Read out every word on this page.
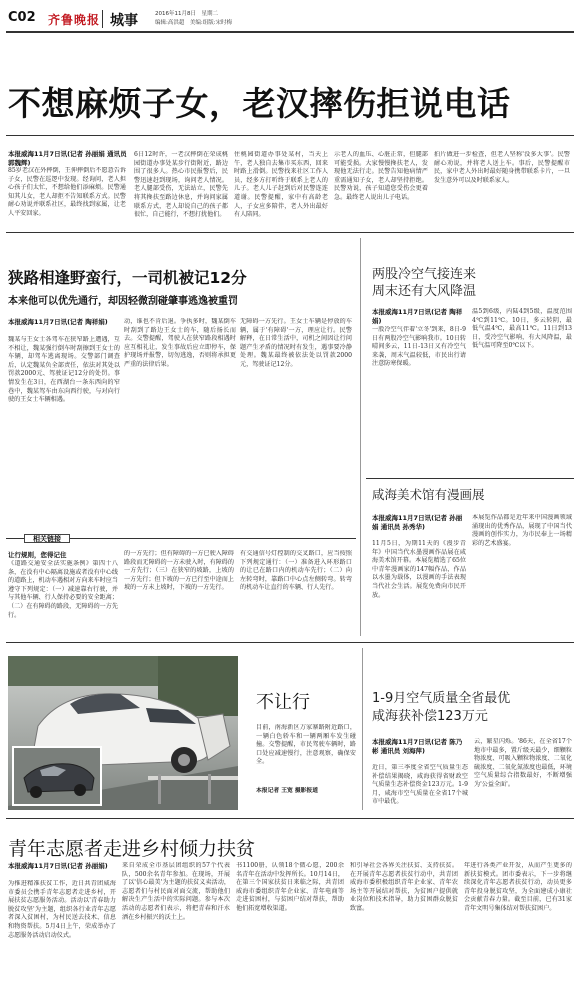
C02 齐鲁晚报 城事	2016年11月8日　星期二
编辑:高洪超　美编:组版:宋时梅
不想麻烦子女，老汉摔伤拒说电话
本报威海11月7日讯(记者 孙丽娟 通讯员 郭魏辉)
85岁老汉在外摔倒，王伸摔倒后不愿意告诉子女，民警在巡逻中发现。经询问，老人担心孩子们太忙，不想给他们添麻烦。民警通知其儿女，老人却拒不告知联系方式。民警耐心劝说并联系社区，最终找到家属，让老人平安回家。
6日12时许，一老汉摔倒在荣成桃园街道办事处某步行街附近，路边围了很多人。热心市民报警后，民警迅速赶到现场，询问老人情况。老人腿部受伤，无法站立，民警先将其搀扶至路边休息，并询问家属联系方式，老人却说自己的孩子都很忙，自己能行，不想打扰他们。
住桃园街道办事处某村，当天上午，老人独自去集市买东西，回来时路上滑倒。民警找来社区工作人员，经多方打听终于联系上老人的儿子。老人儿子赶到后对民警连连道谢。民警提醒，家中有高龄老人，子女应多陪伴，老人外出最好有人陪同。
示老人的血压、心脏正常，但腿部可能受损。大家慢慢搀扶老人，发现他无法行走。民警告知他病情严重需通知子女，老人却坚持拒绝。民警劝说，孩子知道您受伤会更着急。最终老人说出儿子电话。
拍片做进一步检查，但老人坚称'没多大事'。民警耐心劝说，并将老人送上车。事后，民警提醒市民，家中老人外出时最好随身携带联系卡片，一旦发生意外可以及时联系家人。
狭路相逢野蛮行，一司机被记12分
本来他可以优先通行，却因轻微刮碰肇事逃逸被重罚
本报威海11月7日讯(记者 陶祥娟)
魏某与王女士各驾车在狭窄路上遭遇，互不相让，魏某强行倒车时刮擦到王女士的车辆，却驾车逃离现场。交警部门调查后，认定魏某负全部责任，依法对其处以罚款2000元、驾驶证记12分的处罚。事情发生在3日，在西湖台一条东西向的窄巷中，魏某驾车由东向西行驶，与对向行驶的王女士车辆相遇。
动，谁也不肯后退。争执多时，魏某倒车时刮到了路边王女士的车，随后扬长而去。交警提醒，驾驶人在狭窄路段相遇时应互相礼让，发生事故后应立即停车，保护现场并报警，切勿逃逸，否则将承担更严重的法律后果。
无障碍一方先行。王女士车辆是停放的车辆，属于'有障碍'一方，理应让行。民警解释，在日常生活中，司机之间因让行问题产生矛盾的情况时有发生，遇事要冷静处理。魏某最终被依法处以罚款2000元，驾驶证记12分。
两股冷空气接连来
周末还有大风降温
本报威海11月7日讯(记者 陶祥娟)
一股冷空气伴着'立冬'到来，8日-9日有两股冷空气影响我市。10日转晴间多云，11日-13日又有冷空气来袭，周末气温较低，市民出行请注意防寒保暖。
温5到6级，内陆4到5级，温度范围4℃到11℃。10日，多云转阴，最低气温4℃，最高11℃。11日到13日，受冷空气影响，有大风降温，最低气温可降至0℃以下。
咸海美术馆有漫画展
本报威海11月7日讯(记者 孙丽娟 通讯员 孙秀华)
11月5日，为期11天的《漫步青年》中国当代水墨漫画作品展在咸海美术馆开幕。本展览精选了65位中青年漫画家的147幅作品，作品以水墨为载体，以漫画的手法表现当代社会生活。展览免费向市民开放。
本展览作品都是近年来中国漫画领域涌现出的优秀作品，展现了中国当代漫画的创作实力，为市民奉上一场精彩的艺术盛宴。
相关链接
让行规则，您得记住
《道路交通安全法实施条例》第四十八条，在没有中心隔离设施或者没有中心线的道路上，机动车遇相对方向来车时应当遵守下列规定：（一）减速靠右行驶，并与其他车辆、行人保持必要的安全距离；（二）在有障碍的路段，无障碍的一方先行。
的一方先行；但有障碍的一方已驶入障碍路段而无障碍的一方未驶入时，有障碍的一方先行；（三）在狭窄的坡路，上坡的一方先行；但下坡的一方已行至中途而上坡的一方未上坡时，下坡的一方先行。
有交通信号灯控制的交叉路口，应当按照下列规定通行：（一）准备进入环形路口的让已在路口内的机动车先行；（二）向左转弯时，靠路口中心点左侧转弯。转弯的机动车让直行的车辆、行人先行。
不让行
目前，南海新区万家寨路附近路口，一辆白色轿车和一辆两厢车发生碰撞。交警提醒，市民驾驶车辆时，路口处应减速慢行，注意观察，确保安全。
本报记者 王宽 摄影报道
1-9月空气质量全省最优
咸海获补偿123万元
本报威海11月7日讯(记者 陈乃彬 通讯员 刘海萍)
近日，第三季度全省空气质量生态补偿结果揭晓，咸海获得省财政空气质量生态补偿资金123万元。1-9月，咸海市空气质量在全省17个城市中最优。
云，繁星闪烁。'86天，在全省17个地市中最多，置斤级天最少，细颗粒物浓度、可吸入颗粒物浓度、二氧化硫浓度、二氧化氮浓度也最低，环境空气质量综合指数最好，不断增强为'公益全面'。
青年志愿者走进乡村倾力扶贫
本报威海11月7日讯(记者 孙丽娟)
为推进精准扶贫工作，近日共青团威海市委员会携手青年志愿者走进乡村，开展扶贫志愿服务活动。活动以'青春助力脱贫攻坚'为主题，组织各行业青年志愿者深入贫困村，为村民送去技术、信息和物资帮扶。5月4日上午，荣成举办了志愿服务活动启动仪式。
来自荣成全市基层团组织的57个代表队，500余名青年参加。在现场，开展了以'信心最美'为主题的扶贫义卖活动，志愿者们与村民面对面交流，帮助他们解决生产生活中的实际问题。参与本次活动的志愿者们表示，将把青春和汗水洒在乡村振兴的沃土上。
书1100册，认领18个微心愿，200余名青年在活动中发挥所长。10月14日，在第三个国家扶贫日来临之际，共青团威海市委组织青年企业家、青年电商等走进贫困村，与贫困户结对帮扶，帮助他们拓宽增收渠道。
和引导社会各界关注扶贫、支持扶贫。在开展青年志愿者扶贫行动中，共青团威海市委积极组织青年企业家、青年农场主等开展结对帮扶，为贫困户提供就业岗位和技术指导，助力贫困群众脱贫致富。
年进行各类产业开发，从而产生更多的新扶贫模式。团市委表示，下一步将继续深化青年志愿者扶贫行动，动员更多青年投身脱贫攻坚，为全面建成小康社会贡献青春力量。截至目前，已有31家青年文明号集体结对帮扶贫困户。
